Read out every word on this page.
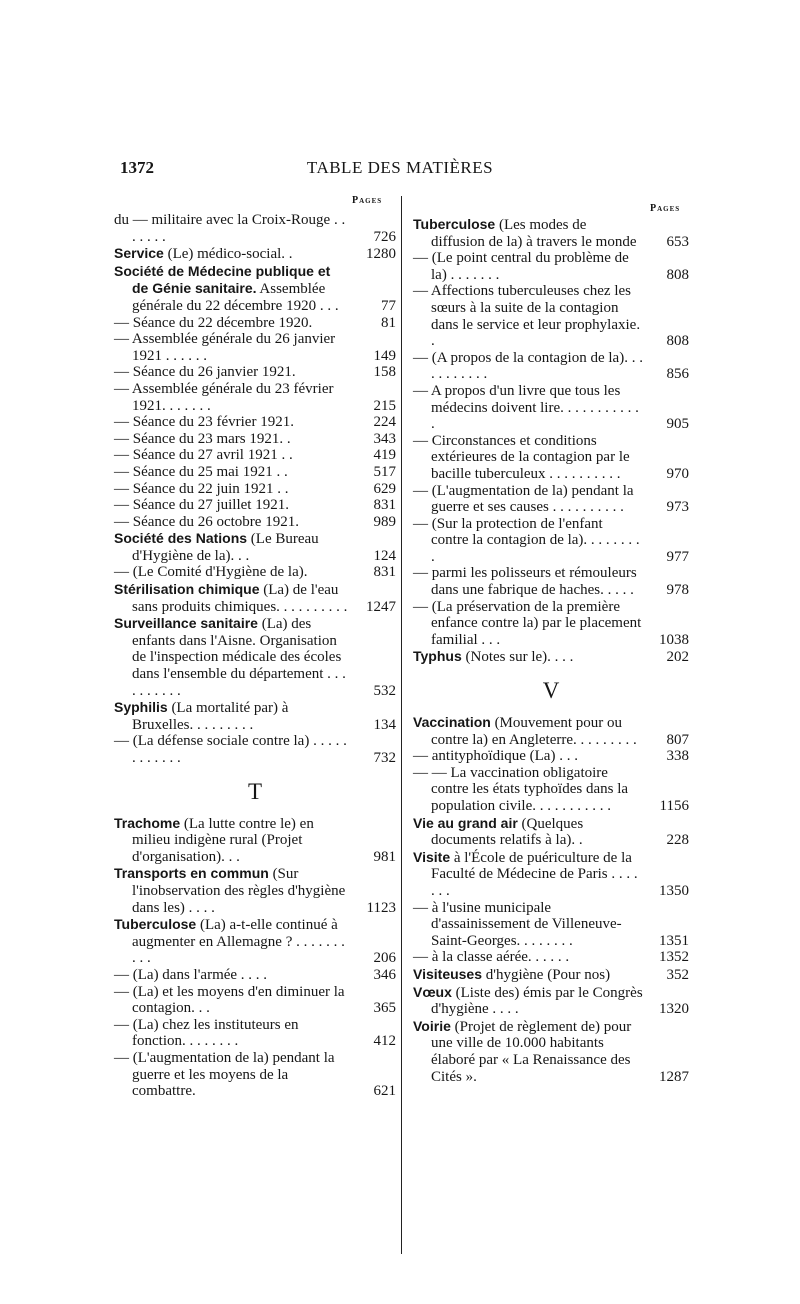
1372	TABLE DES MATIÈRES
Pages
Pages
du — militaire avec la Croix-Rouge . . . . . . .	726
Service (Le) médico-social. .	1280
Société de Médecine publique et de Génie sanitaire. Assemblée générale du 22 décembre 1920 . . .	77
— Séance du 22 décembre 1920.	81
— Assemblée générale du 26 janvier 1921 . . . . . .	149
— Séance du 26 janvier 1921.	158
— Assemblée générale du 23 février 1921. . . . . . .	215
— Séance du 23 février 1921.	224
— Séance du 23 mars 1921. .	343
— Séance du 27 avril 1921 . .	419
— Séance du 25 mai 1921 . .	517
— Séance du 22 juin 1921 . .	629
— Séance du 27 juillet 1921.	831
— Séance du 26 octobre 1921.	989
Société des Nations (Le Bureau d'Hygiène de la). . .	124
— (Le Comité d'Hygiène de la).	831
Stérilisation chimique (La) de l'eau sans produits chimiques. . . . . . . . . .	1247
Surveillance sanitaire (La) des enfants dans l'Aisne. Organisation de l'inspection médicale des écoles dans l'ensemble du département . . . . . . . . . .	532
Syphilis (La mortalité par) à Bruxelles. . . . . . . . .	134
— (La défense sociale contre la) . . . . . . . . . . . .	732
T
Trachome (La lutte contre le) en milieu indigène rural (Projet d'organisation). . .	981
Transports en commun (Sur l'inobservation des règles d'hygiène dans les) . . . .	1123
Tuberculose (La) a-t-elle continué à augmenter en Allemagne ? . . . . . . . . . .	206
— (La) dans l'armée . . . .	346
— (La) et les moyens d'en diminuer la contagion. . .	365
— (La) chez les instituteurs en fonction. . . . . . . .	412
— (L'augmentation de la) pendant la guerre et les moyens de la combattre.	621
Tuberculose (Les modes de diffusion de la) à travers le monde	653
— (Le point central du problème de la) . . . . . . .	808
— Affections tuberculeuses chez les sœurs à la suite de la contagion dans le service et leur prophylaxie. .	808
— (A propos de la contagion de la). . . . . . . . . . .	856
— A propos d'un livre que tous les médecins doivent lire. . . . . . . . . . . .	905
— Circonstances et conditions extérieures de la contagion par le bacille tuberculeux . . . . . . . . . .	970
— (L'augmentation de la) pendant la guerre et ses causes . . . . . . . . . .	973
— (Sur la protection de l'enfant contre la contagion de la). . . . . . . . .	977
— parmi les polisseurs et rémouleurs dans une fabrique de haches. . . . .	978
— (La préservation de la première enfance contre la) par le placement familial . . .	1038
Typhus (Notes sur le). . . .	202
V
Vaccination (Mouvement pour ou contre la) en Angleterre. . . . . . . . .	807
— antityphoïdique (La) . . .	338
— — La vaccination obligatoire contre les états typhoïdes dans la population civile. . . . . . . . . . .	1156
Vie au grand air (Quelques documents relatifs à la). .	228
Visite à l'École de puériculture de la Faculté de Médecine de Paris . . . . . . .	1350
— à l'usine municipale d'assainissement de Villeneuve-Saint-Georges. . . . . . . .	1351
— à la classe aérée. . . . . .	1352
Visiteuses d'hygiène (Pour nos)	352
Vœux (Liste des) émis par le Congrès d'hygiène . . . .	1320
Voirie (Projet de règlement de) pour une ville de 10.000 habitants élaboré par « La Renaissance des Cités ».	1287
